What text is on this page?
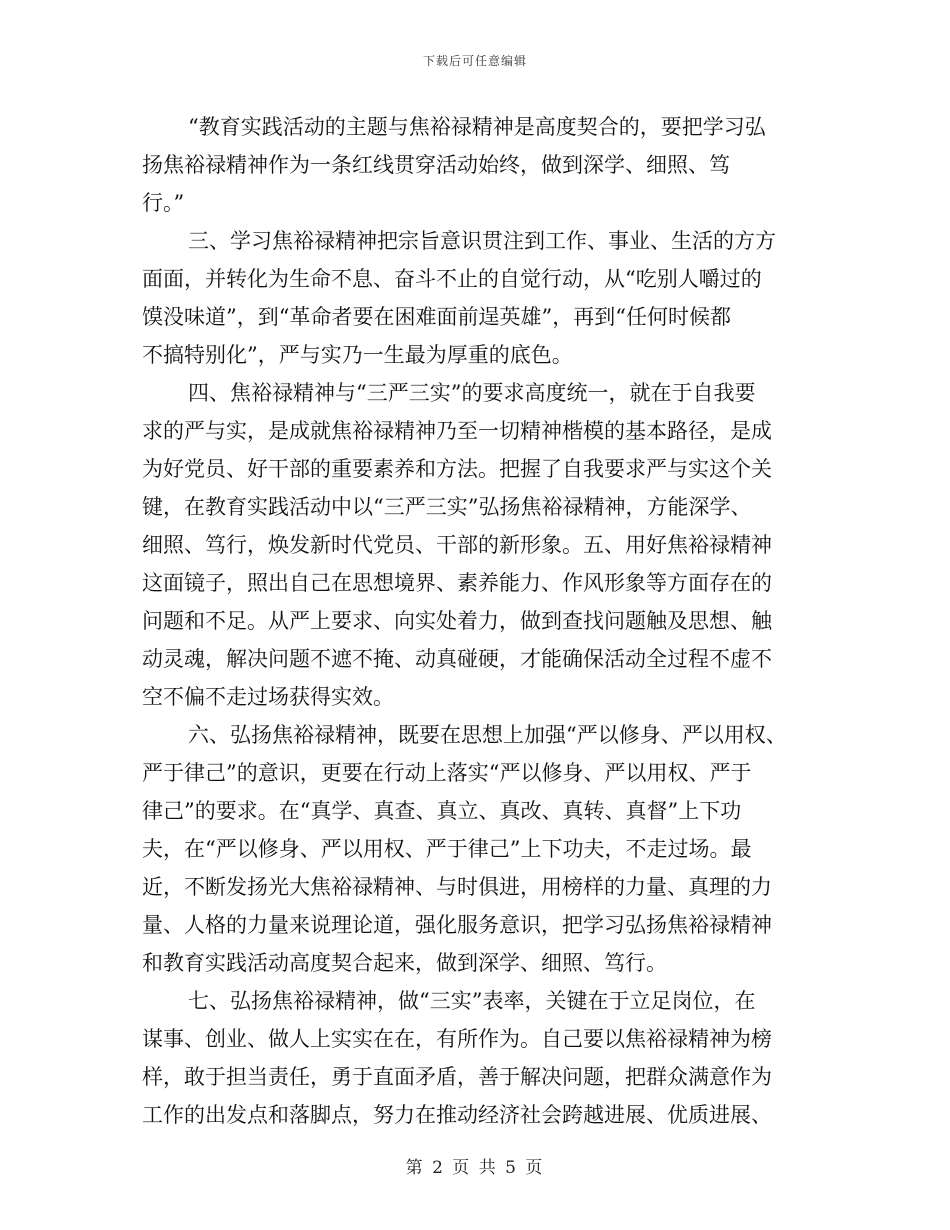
下载后可任意编辑
“教育实践活动的主题与焦裕禄精神是高度契合的，要把学习弘
扬焦裕禄精神作为一条红线贯穿活动始终，做到深学、细照、笃
行。”
三、学习焦裕禄精神把宗旨意识贯注到工作、事业、生活的方方
面面，并转化为生命不息、奋斗不止的自觉行动，从“吃别人嚼过的
馍没味道”，到“革命者要在困难面前逞英雄”，再到“任何时候都
不搞特别化”，严与实乃一生最为厚重的底色。
四、焦裕禄精神与“三严三实”的要求高度统一，就在于自我要
求的严与实，是成就焦裕禄精神乃至一切精神楷模的基本路径，是成
为好党员、好干部的重要素养和方法。把握了自我要求严与实这个关
键，在教育实践活动中以“三严三实”弘扬焦裕禄精神，方能深学、
细照、笃行，焕发新时代党员、干部的新形象。五、用好焦裕禄精神
这面镜子，照出自己在思想境界、素养能力、作风形象等方面存在的
问题和不足。从严上要求、向实处着力，做到查找问题触及思想、触
动灵魂，解决问题不遮不掩、动真碰硬，才能确保活动全过程不虚不
空不偏不走过场获得实效。
六、弘扬焦裕禄精神，既要在思想上加强“严以修身、严以用权、
严于律己”的意识，更要在行动上落实“严以修身、严以用权、严于
律己”的要求。在“真学、真查、真立、真改、真转、真督”上下功
夫，在“严以修身、严以用权、严于律己”上下功夫，不走过场。最
近，不断发扬光大焦裕禄精神、与时俱进，用榜样的力量、真理的力
量、人格的力量来说理论道，强化服务意识，把学习弘扬焦裕禄精神
和教育实践活动高度契合起来，做到深学、细照、笃行。
七、弘扬焦裕禄精神，做“三实”表率，关键在于立足岗位，在
谋事、创业、做人上实实在在，有所作为。自己要以焦裕禄精神为榜
样，敢于担当责任，勇于直面矛盾，善于解决问题，把群众满意作为
工作的出发点和落脚点，努力在推动经济社会跨越进展、优质进展、
第 2 页 共 5 页
